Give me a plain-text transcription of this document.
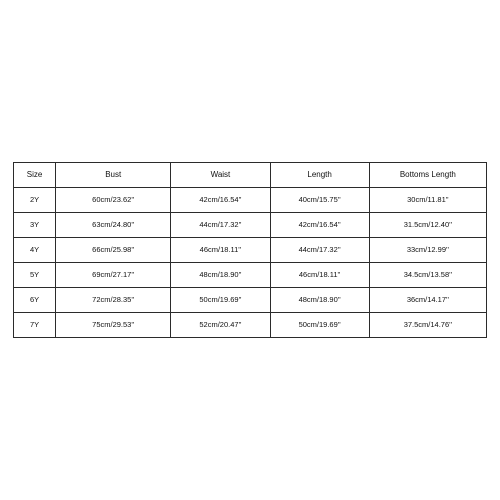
Size	Bust	Waist	Length	Bottoms Length
2Y	60cm/23.62''	42cm/16.54''	40cm/15.75''	30cm/11.81''
3Y	63cm/24.80''	44cm/17.32''	42cm/16.54''	31.5cm/12.40''
4Y	66cm/25.98''	46cm/18.11''	44cm/17.32''	33cm/12.99''
5Y	69cm/27.17''	48cm/18.90''	46cm/18.11''	34.5cm/13.58''
6Y	72cm/28.35''	50cm/19.69''	48cm/18.90''	36cm/14.17''
7Y	75cm/29.53''	52cm/20.47''	50cm/19.69''	37.5cm/14.76''
